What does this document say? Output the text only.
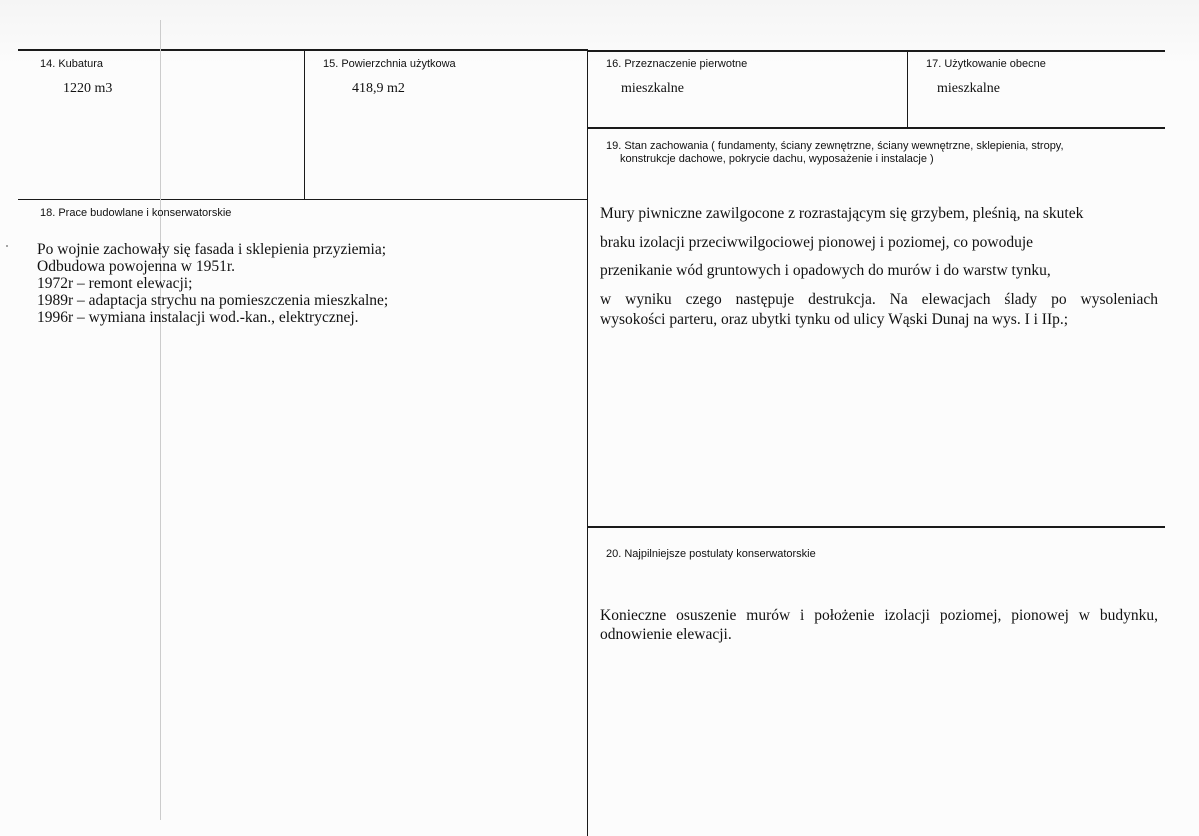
14. Kubatura
1220 m3
15. Powierzchnia użytkowa
418,9 m2
16. Przeznaczenie pierwotne
mieszkalne
17. Użytkowanie obecne
mieszkalne
19. Stan zachowania ( fundamenty, ściany zewnętrzne, ściany wewnętrzne, sklepienia, stropy,
konstrukcje dachowe, pokrycie dachu, wyposażenie i instalacje )
18. Prace budowlane i konserwatorskie
Po wojnie zachowały się fasada i sklepienia przyziemia;
Odbudowa powojenna w 1951r.
1972r – remont elewacji;
1989r – adaptacja strychu na pomieszczenia mieszkalne;
1996r – wymiana instalacji wod.-kan., elektrycznej.
Mury piwniczne zawilgocone z rozrastającym się grzybem, pleśnią, na skutek
braku izolacji przeciwwilgociowej pionowej i poziomej, co powoduje
przenikanie wód gruntowych i opadowych do murów i do warstw tynku,
w wyniku czego następuje destrukcja. Na elewacjach ślady po wysoleniach
wysokości parteru, oraz ubytki tynku od ulicy Wąski Dunaj na wys. I i IIp.;
20. Najpilniejsze postulaty konserwatorskie
Konieczne osuszenie murów i położenie izolacji poziomej, pionowej w budynku,
odnowienie elewacji.
